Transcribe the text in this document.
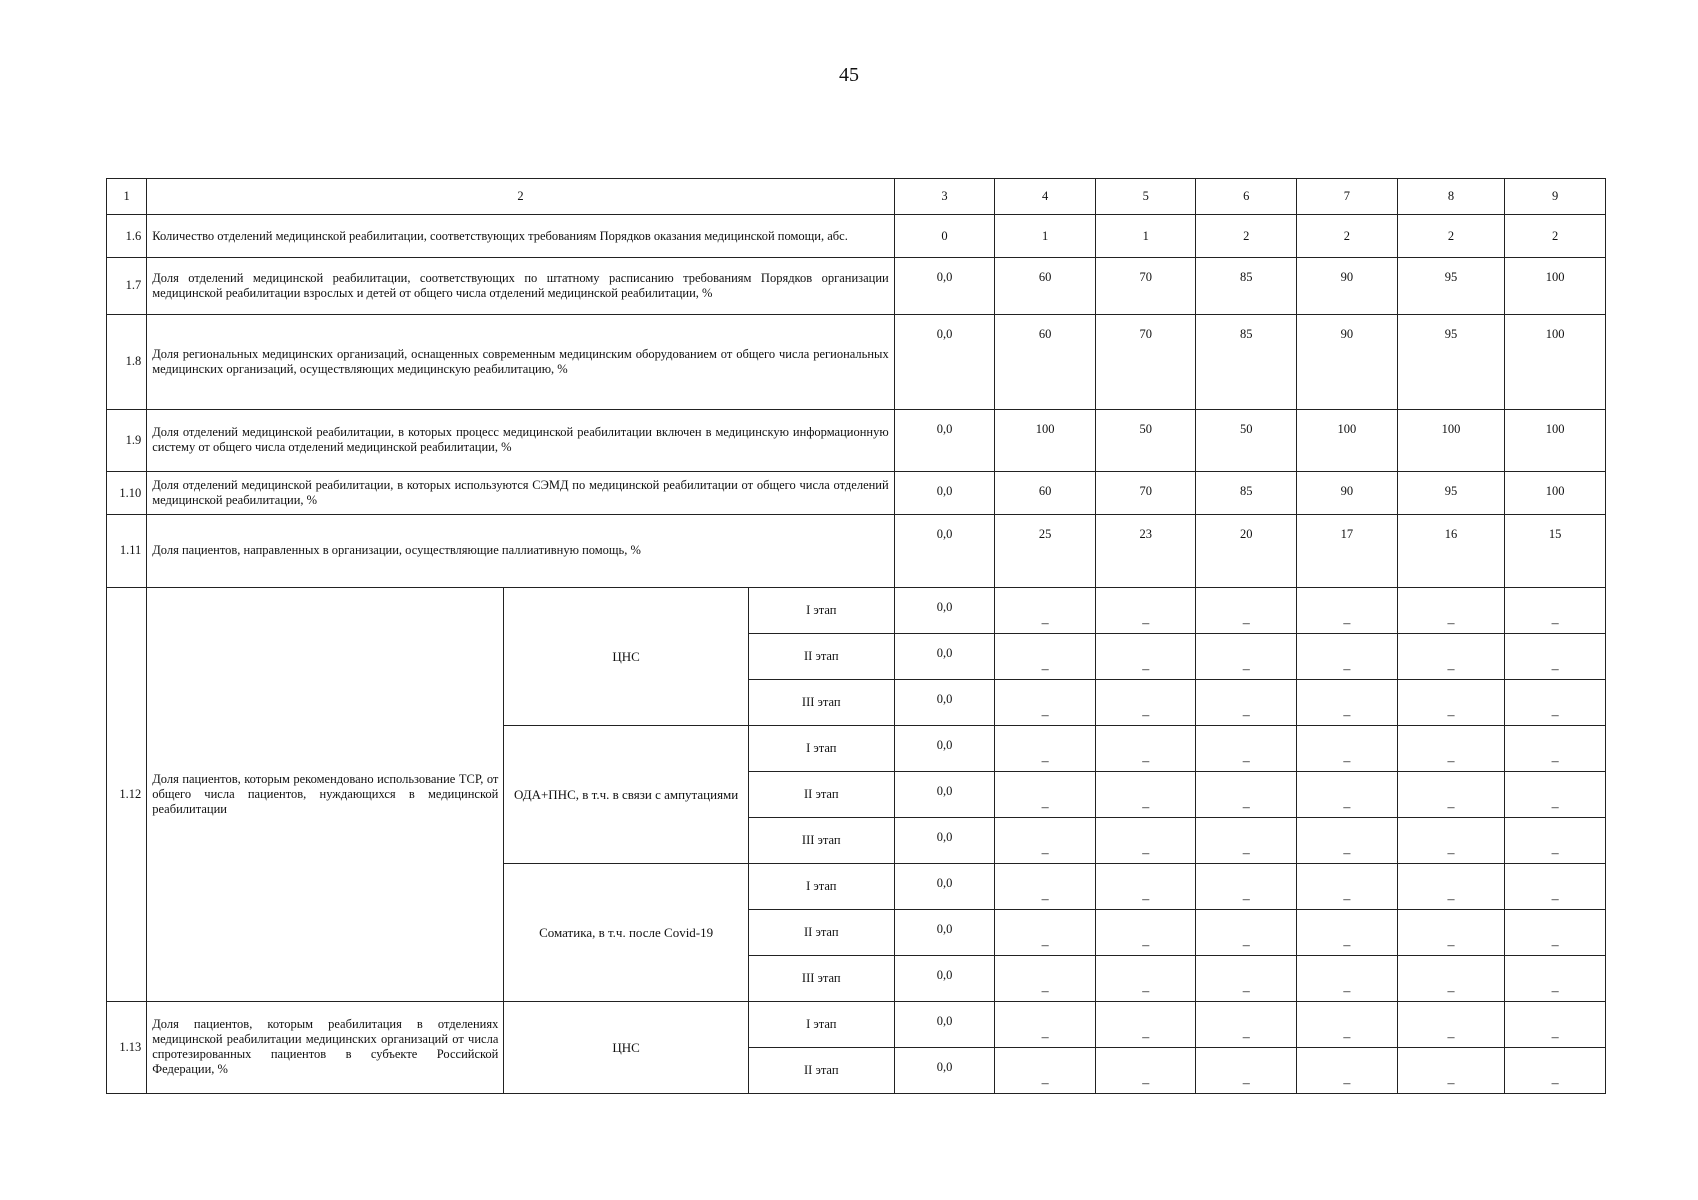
45
1	2			3	4	5	6	7	8	9
1.6	Количество отделений медицинской реабилитации, соответствующих требованиям Порядков оказания медицинской помощи, абс.			0	1	1	2	2	2	2
1.7	Доля отделений медицинской реабилитации, соответствующих по штатному расписанию требованиям Порядков организации медицинской реабилитации взрослых и детей от общего числа отделений медицинской реабилитации, %			0,0	60	70	85	90	95	100
1.8	Доля региональных медицинских организаций, оснащенных современным медицинским оборудованием от общего числа региональных медицинских организаций, осуществляющих медицинскую реабилитацию, %			0,0	60	70	85	90	95	100
1.9	Доля отделений медицинской реабилитации, в которых процесс медицинской реабилитации включен в медицинскую информационную систему от общего числа отделений медицинской реабилитации, %			0,0	100	50	50	100	100	100
1.10	Доля отделений медицинской реабилитации, в которых используются СЭМД по медицинской реабилитации от общего числа отделений медицинской реабилитации, %			0,0	60	70	85	90	95	100
1.11	Доля пациентов, направленных в организации, осуществляющие паллиативную помощь, %			0,0	25	23	20	17	16	15
1.12	Доля пациентов, которым рекомендовано использование ТСР, от общего числа пациентов, нуждающихся в медицинской реабилитации	ЦНС	I этап	0,0	–	–	–	–	–	–
			II этап	0,0	–	–	–	–	–	–
			III этап	0,0	–	–	–	–	–	–
		ОДА+ПНС, в т.ч. в связи с ампутациями	I этап	0,0	–	–	–	–	–	–
			II этап	0,0	–	–	–	–	–	–
			III этап	0,0	–	–	–	–	–	–
		Соматика, в т.ч. после Covid-19	I этап	0,0	–	–	–	–	–	–
			II этап	0,0	–	–	–	–	–	–
			III этап	0,0	–	–	–	–	–	–
1.13	Доля пациентов, которым реабилитация в отделениях медицинской реабилитации медицинских организаций от числа спротезированных пациентов в субъекте Российской Федерации, %	ЦНС	I этап	0,0	–	–	–	–	–	–
			II этап	0,0	–	–	–	–	–	–
